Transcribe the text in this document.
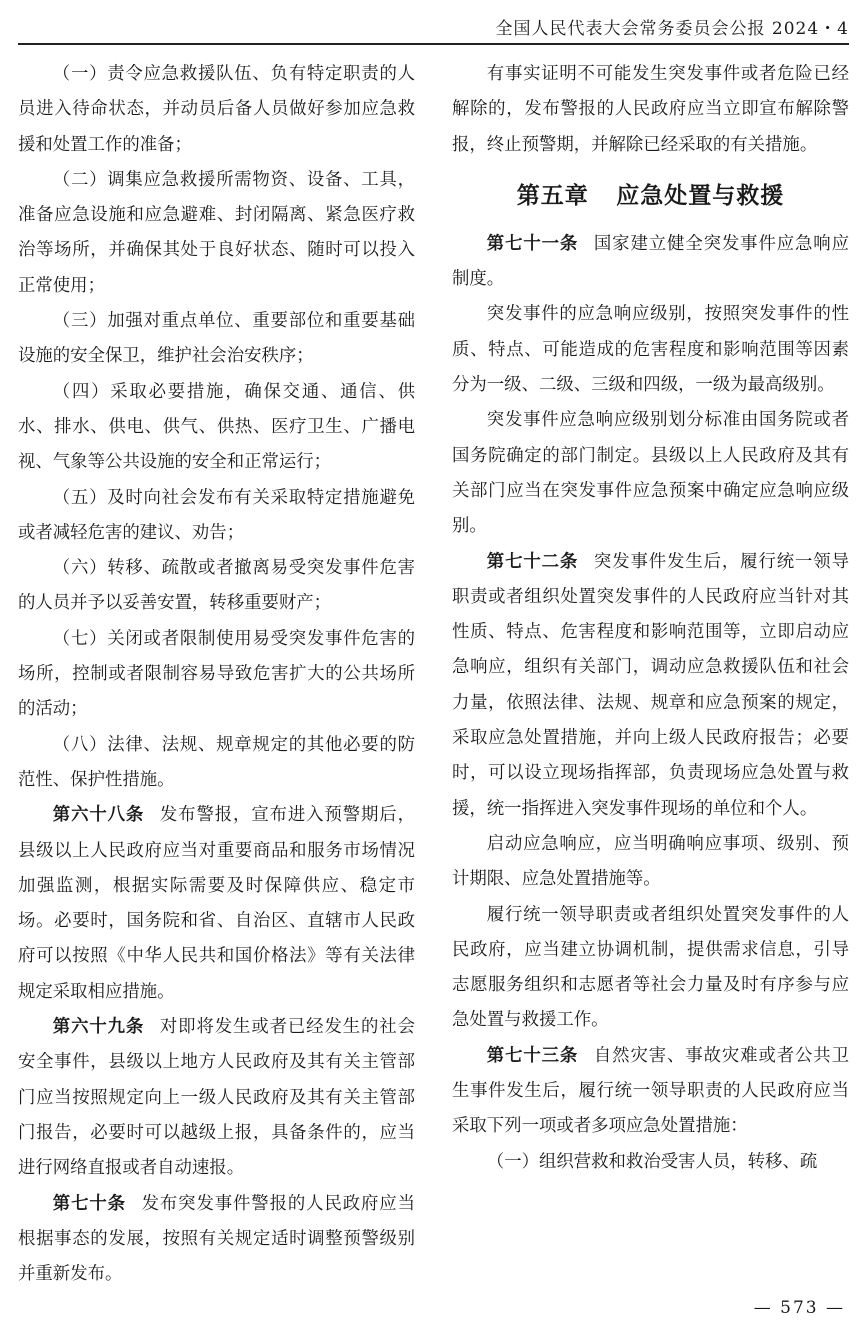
全国人民代表大会常务委员会公报 2024・4

（一）责令应急救援队伍、负有特定职责的人员进入待命状态，并动员后备人员做好参加应急救援和处置工作的准备；

（二）调集应急救援所需物资、设备、工具，准备应急设施和应急避难、封闭隔离、紧急医疗救治等场所，并确保其处于良好状态、随时可以投入正常使用；

（三）加强对重点单位、重要部位和重要基础设施的安全保卫，维护社会治安秩序；

（四）采取必要措施，确保交通、通信、供水、排水、供电、供气、供热、医疗卫生、广播电视、气象等公共设施的安全和正常运行；

（五）及时向社会发布有关采取特定措施避免或者减轻危害的建议、劝告；

（六）转移、疏散或者撤离易受突发事件危害的人员并予以妥善安置，转移重要财产；

（七）关闭或者限制使用易受突发事件危害的场所，控制或者限制容易导致危害扩大的公共场所的活动；

（八）法律、法规、规章规定的其他必要的防范性、保护性措施。

第六十八条 发布警报，宣布进入预警期后，县级以上人民政府应当对重要商品和服务市场情况加强监测，根据实际需要及时保障供应、稳定市场。必要时，国务院和省、自治区、直辖市人民政府可以按照《中华人民共和国价格法》等有关法律规定采取相应措施。

第六十九条 对即将发生或者已经发生的社会安全事件，县级以上地方人民政府及其有关主管部门应当按照规定向上一级人民政府及其有关主管部门报告，必要时可以越级上报，具备条件的，应当进行网络直报或者自动速报。

第七十条 发布突发事件警报的人民政府应当根据事态的发展，按照有关规定适时调整预警级别并重新发布。

有事实证明不可能发生突发事件或者危险已经解除的，发布警报的人民政府应当立即宣布解除警报，终止预警期，并解除已经采取的有关措施。

第五章 应急处置与救援

第七十一条 国家建立健全突发事件应急响应制度。

突发事件的应急响应级别，按照突发事件的性质、特点、可能造成的危害程度和影响范围等因素分为一级、二级、三级和四级，一级为最高级别。

突发事件应急响应级别划分标准由国务院或者国务院确定的部门制定。县级以上人民政府及其有关部门应当在突发事件应急预案中确定应急响应级别。

第七十二条 突发事件发生后，履行统一领导职责或者组织处置突发事件的人民政府应当针对其性质、特点、危害程度和影响范围等，立即启动应急响应，组织有关部门，调动应急救援队伍和社会力量，依照法律、法规、规章和应急预案的规定，采取应急处置措施，并向上级人民政府报告；必要时，可以设立现场指挥部，负责现场应急处置与救援，统一指挥进入突发事件现场的单位和个人。

启动应急响应，应当明确响应事项、级别、预计期限、应急处置措施等。

履行统一领导职责或者组织处置突发事件的人民政府，应当建立协调机制，提供需求信息，引导志愿服务组织和志愿者等社会力量及时有序参与应急处置与救援工作。

第七十三条 自然灾害、事故灾难或者公共卫生事件发生后，履行统一领导职责的人民政府应当采取下列一项或者多项应急处置措施：

（一）组织营救和救治受害人员，转移、疏

— 573 —
